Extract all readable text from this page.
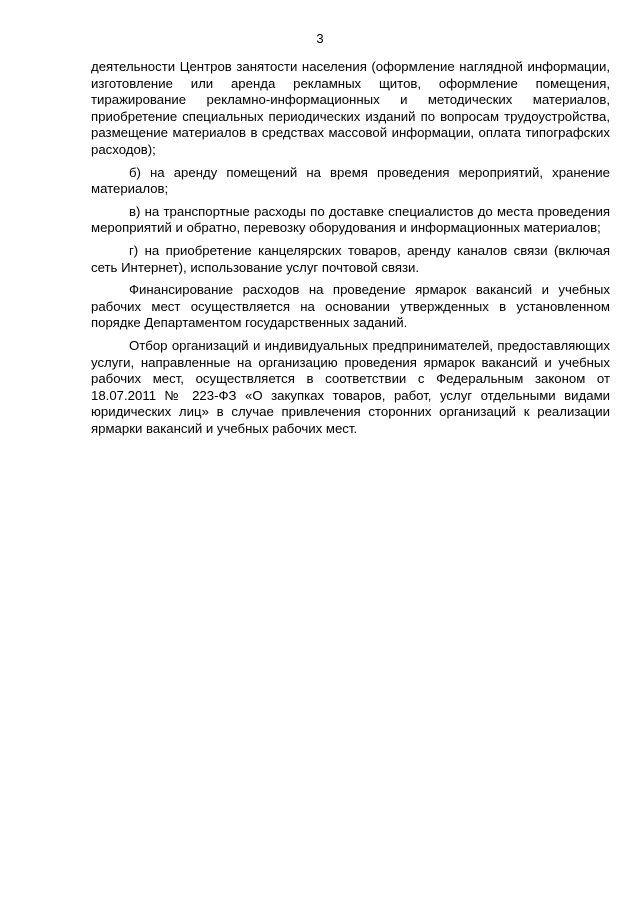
3

деятельности Центров занятости населения (оформление наглядной информации, изготовление или аренда рекламных щитов, оформление помещения, тиражирование рекламно-информационных и методических материалов, приобретение специальных периодических изданий по вопросам трудоустройства, размещение материалов в средствах массовой информации, оплата типографских расходов);

б) на аренду помещений на время проведения мероприятий, хранение материалов;

в) на транспортные расходы по доставке специалистов до места проведения мероприятий и обратно, перевозку оборудования и информационных материалов;

г) на приобретение канцелярских товаров, аренду каналов связи (включая сеть Интернет), использование услуг почтовой связи.

Финансирование расходов на проведение ярмарок вакансий и учебных рабочих мест осуществляется на основании утвержденных в установленном порядке Департаментом государственных заданий.

Отбор организаций и индивидуальных предпринимателей, предоставляющих услуги, направленные на организацию проведения ярмарок вакансий и учебных рабочих мест, осуществляется в соответствии с Федеральным законом от 18.07.2011 № 223-ФЗ «О закупках товаров, работ, услуг отдельными видами юридических лиц» в случае привлечения сторонних организаций к реализации ярмарки вакансий и учебных рабочих мест.
